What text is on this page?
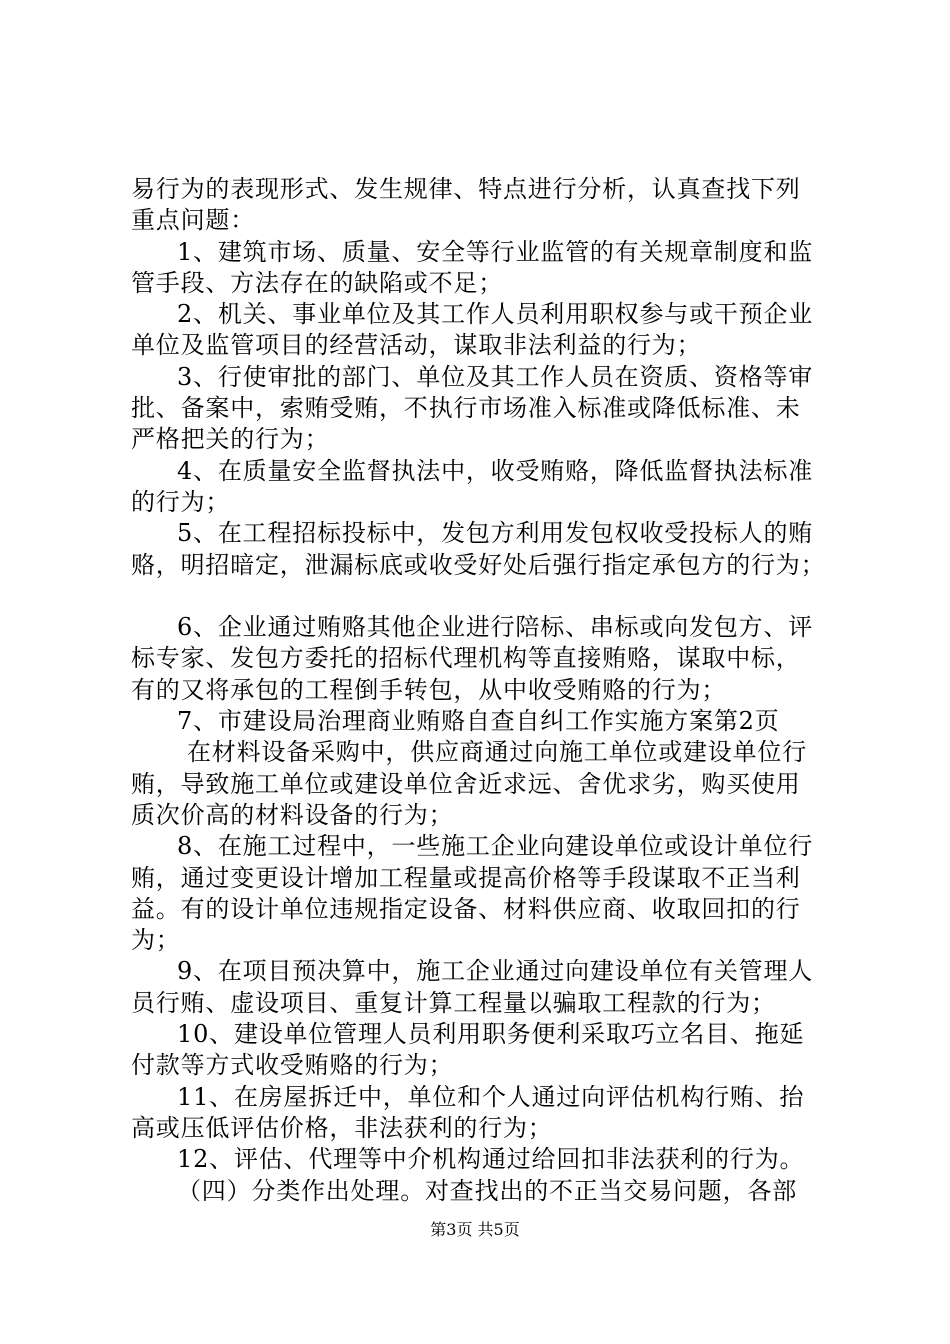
易行为的表现形式、发生规律、特点进行分析，认真查找下列
重点问题：
1、建筑市场、质量、安全等行业监管的有关规章制度和监
管手段、方法存在的缺陷或不足；
2、机关、事业单位及其工作人员利用职权参与或干预企业
单位及监管项目的经营活动，谋取非法利益的行为；
3、行使审批的部门、单位及其工作人员在资质、资格等审
批、备案中，索贿受贿，不执行市场准入标准或降低标准、未
严格把关的行为；
4、在质量安全监督执法中，收受贿赂，降低监督执法标准
的行为；
5、在工程招标投标中，发包方利用发包权收受投标人的贿
赂，明招暗定，泄漏标底或收受好处后强行指定承包方的行为；
6、企业通过贿赂其他企业进行陪标、串标或向发包方、评
标专家、发包方委托的招标代理机构等直接贿赂，谋取中标，
有的又将承包的工程倒手转包，从中收受贿赂的行为；
7、市建设局治理商业贿赂自查自纠工作实施方案第2页
在材料设备采购中，供应商通过向施工单位或建设单位行
贿，导致施工单位或建设单位舍近求远、舍优求劣，购买使用
质次价高的材料设备的行为；
8、在施工过程中，一些施工企业向建设单位或设计单位行
贿，通过变更设计增加工程量或提高价格等手段谋取不正当利
益。有的设计单位违规指定设备、材料供应商、收取回扣的行
为；
9、在项目预决算中，施工企业通过向建设单位有关管理人
员行贿、虚设项目、重复计算工程量以骗取工程款的行为；
10、建设单位管理人员利用职务便利采取巧立名目、拖延
付款等方式收受贿赂的行为；
11、在房屋拆迁中，单位和个人通过向评估机构行贿、抬
高或压低评估价格，非法获利的行为；
12、评估、代理等中介机构通过给回扣非法获利的行为。
（四）分类作出处理。对查找出的不正当交易问题，各部
第3页 共5页
